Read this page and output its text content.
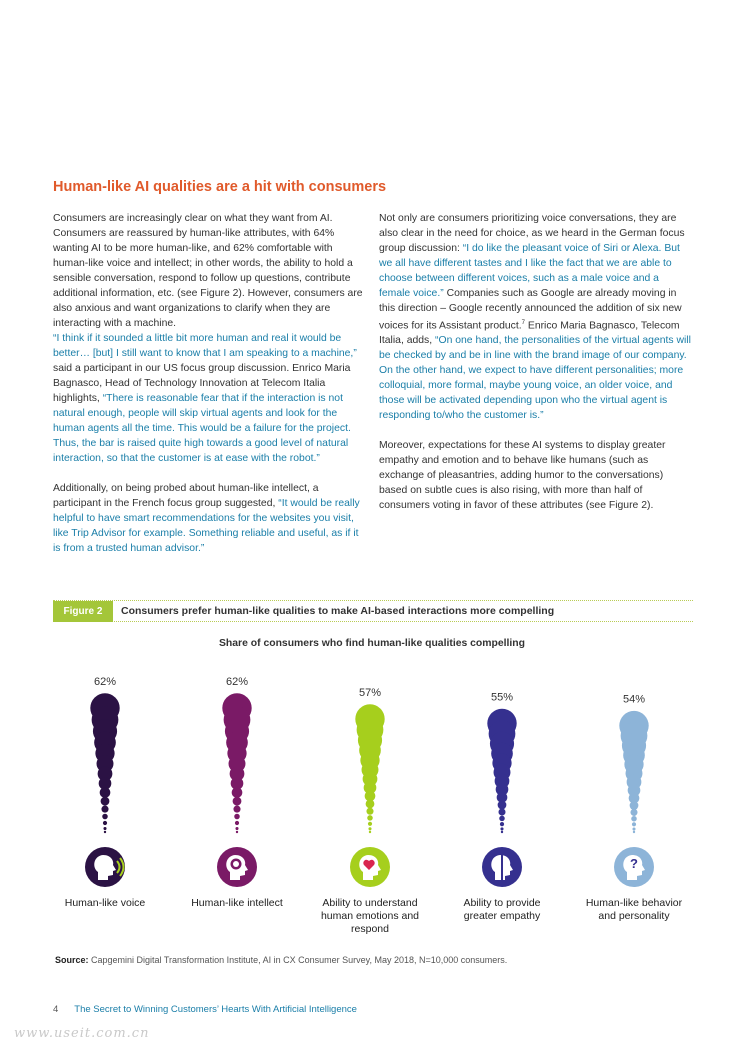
Human-like AI qualities are a hit with consumers

Consumers are increasingly clear on what they want from AI. Consumers are reassured by human-like attributes, with 64% wanting AI to be more human-like, and 62% comfortable with human-like voice and intellect; in other words, the ability to hold a sensible conversation, respond to follow up questions, contribute additional information, etc. (see Figure 2). However, consumers are also anxious and want organizations to clarify when they are interacting with a machine.

“I think if it sounded a little bit more human and real it would be better… [but] I still want to know that I am speaking to a machine,” said a participant in our US focus group discussion. Enrico Maria Bagnasco, Head of Technology Innovation at Telecom Italia highlights, “There is reasonable fear that if the interaction is not natural enough, people will skip virtual agents and look for the human agents all the time. This would be a failure for the project. Thus, the bar is raised quite high towards a good level of natural interaction, so that the customer is at ease with the robot.”

Additionally, on being probed about human-like intellect, a participant in the French focus group suggested, “It would be really helpful to have smart recommendations for the websites you visit, like Trip Advisor for example. Something reliable and useful, as if it is from a trusted human advisor.”

Not only are consumers prioritizing voice conversations, they are also clear in the need for choice, as we heard in the German focus group discussion: “I do like the pleasant voice of Siri or Alexa. But we all have different tastes and I like the fact that we are able to choose between different voices, such as a male voice and a female voice.” Companies such as Google are already moving in this direction – Google recently announced the addition of six new voices for its Assistant product.$^7$ Enrico Maria Bagnasco, Telecom Italia, adds, “On one hand, the personalities of the virtual agents will be checked by and be in line with the brand image of our company. On the other hand, we expect to have different personalities; more colloquial, more formal, maybe young voice, an older voice, and those will be activated depending upon who the virtual agent is responding to/who the customer is.”

Moreover, expectations for these AI systems to display greater empathy and emotion and to behave like humans (such as exchange of pleasantries, adding humor to the conversations) based on subtle cues is also rising, with more than half of consumers voting in favor of these attributes (see Figure 2).

Figure 2	Consumers prefer human-like qualities to make AI-based interactions more compelling
Share of consumers who find human-like qualities compelling
62%
Human-like voice
62%
Human-like intellect
57%
Ability to understand
human emotions and
respond
55%
Ability to provide
greater empathy
54%
?
Human-like behavior
and personality
Source: Capgemini Digital Transformation Institute, AI in CX Consumer Survey, May 2018, N=10,000 consumers.
4 The Secret to Winning Customers’ Hearts With Artificial Intelligence
www.useit.com.cn
